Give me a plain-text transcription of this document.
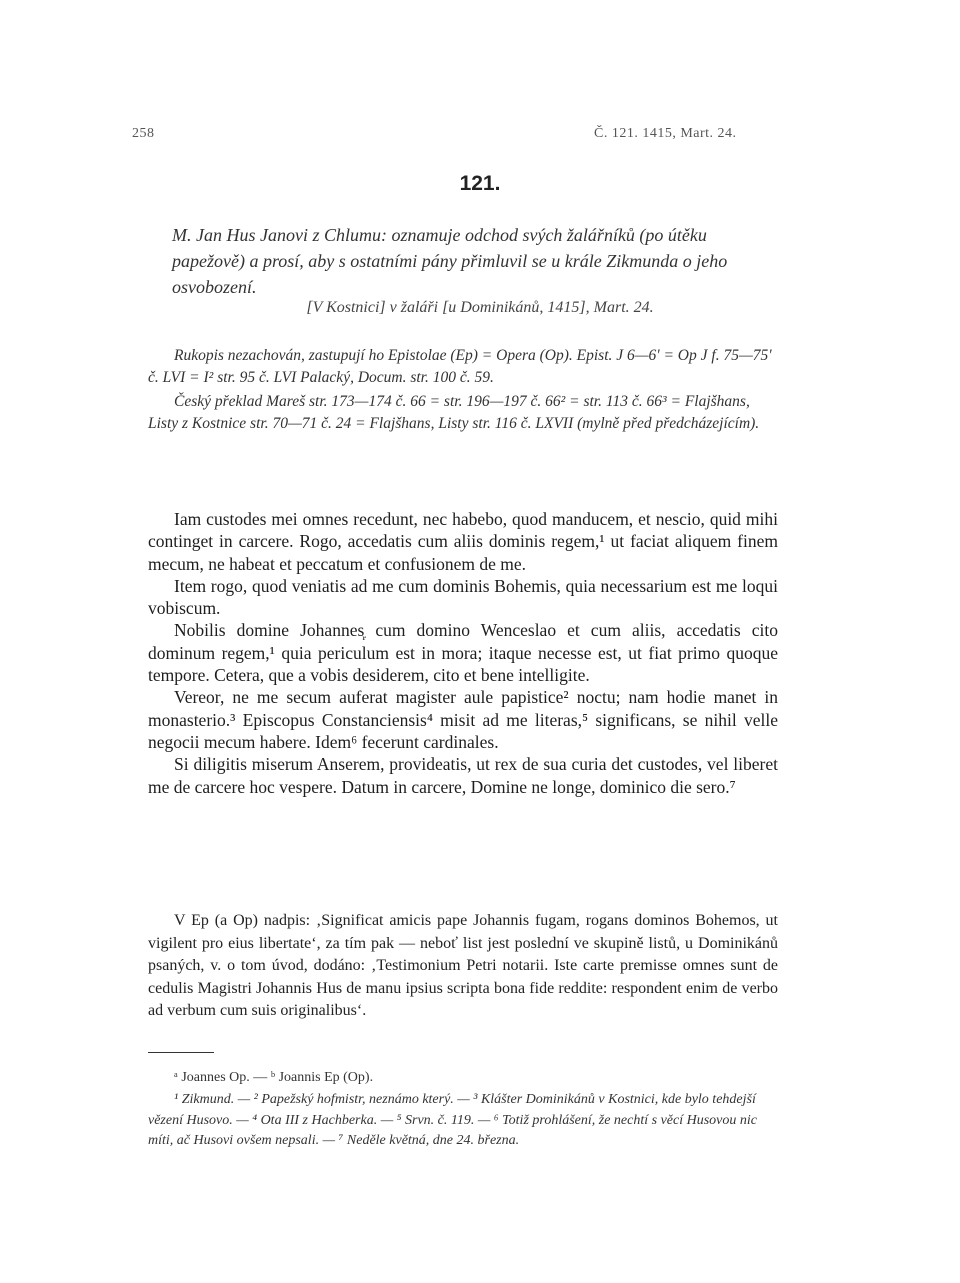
258	Č. 121. 1415, Mart. 24.
121.

M. Jan Hus Janovi z Chlumu: oznamuje odchod svých žalářníků (po útěku papežově) a prosí, aby s ostatními pány přimluvil se u krále Zikmunda o jeho osvobození.

[V Kostnici] v žaláři [u Dominikánů, 1415], Mart. 24.

Rukopis nezachován, zastupují ho Epistolae (Ep) = Opera (Op). Epist. J 6—6' = Op J f. 75—75' č. LVI = I² str. 95 č. LVI Palacký, Docum. str. 100 č. 59.

Český překlad Mareš str. 173—174 č. 66 = str. 196—197 č. 66² = str. 113 č. 66³ = Flajšhans, Listy z Kostnice str. 70—71 č. 24 = Flajšhans, Listy str. 116 č. LXVII (mylně před předcházejícím).

Iam custodes mei omnes recedunt, nec habebo, quod manducem, et nescio, quid mihi continget in carcere. Rogo, accedatis cum aliis dominis regem,¹ ut faciat aliquem finem mecum, ne habeat et peccatum et confusionem de me.

Item rogo, quod veniatis ad me cum dominis Bohemis, quia necessarium est me loqui vobiscum.

Nobilis domine Johannes᷊ cum domino Wenceslao et cum aliis, accedatis cito dominum regem,¹ quia periculum est in mora; itaque necesse est, ut fiat primo quoque tempore. Cetera, que a vobis desiderem, cito et bene intelligite.

Vereor, ne me secum auferat magister aule papistice² noctu; nam hodie manet in monasterio.³ Episcopus Constanciensis⁴ misit ad me literas,⁵ significans, se nihil velle negocii mecum habere. Idem⁶ fecerunt cardinales.

Si diligitis miserum Anserem, provideatis, ut rex de sua curia det custodes, vel liberet me de carcere hoc vespere. Datum in carcere, Domine ne longe, dominico die sero.⁷

V Ep (a Op) nadpis: ‚Significat amicis pape Johannis fugam, rogans dominos Bohemos, ut vigilent pro eius libertate‘, za tím pak — neboť list jest poslední ve skupině listů, u Dominikánů psaných, v. o tom úvod, dodáno: ‚Testimonium Petri notarii. Iste carte premisse omnes sunt de cedulis Magistri Johannis Hus de manu ipsius scripta bona fide reddite: respondent enim de verbo ad verbum cum suis originalibus‘.

ᵃ Joannes Op. — ᵇ Joannis Ep (Op).

¹ Zikmund. — ² Papežský hofmistr, neznámo který. — ³ Klášter Dominikánů v Kostnici, kde bylo tehdejší vězení Husovo. — ⁴ Ota III z Hachberka. — ⁵ Srvn. č. 119. — ⁶ Totiž prohlášení, že nechtí s věcí Husovou nic míti, ač Husovi ovšem nepsali. — ⁷ Neděle květná, dne 24. března.
